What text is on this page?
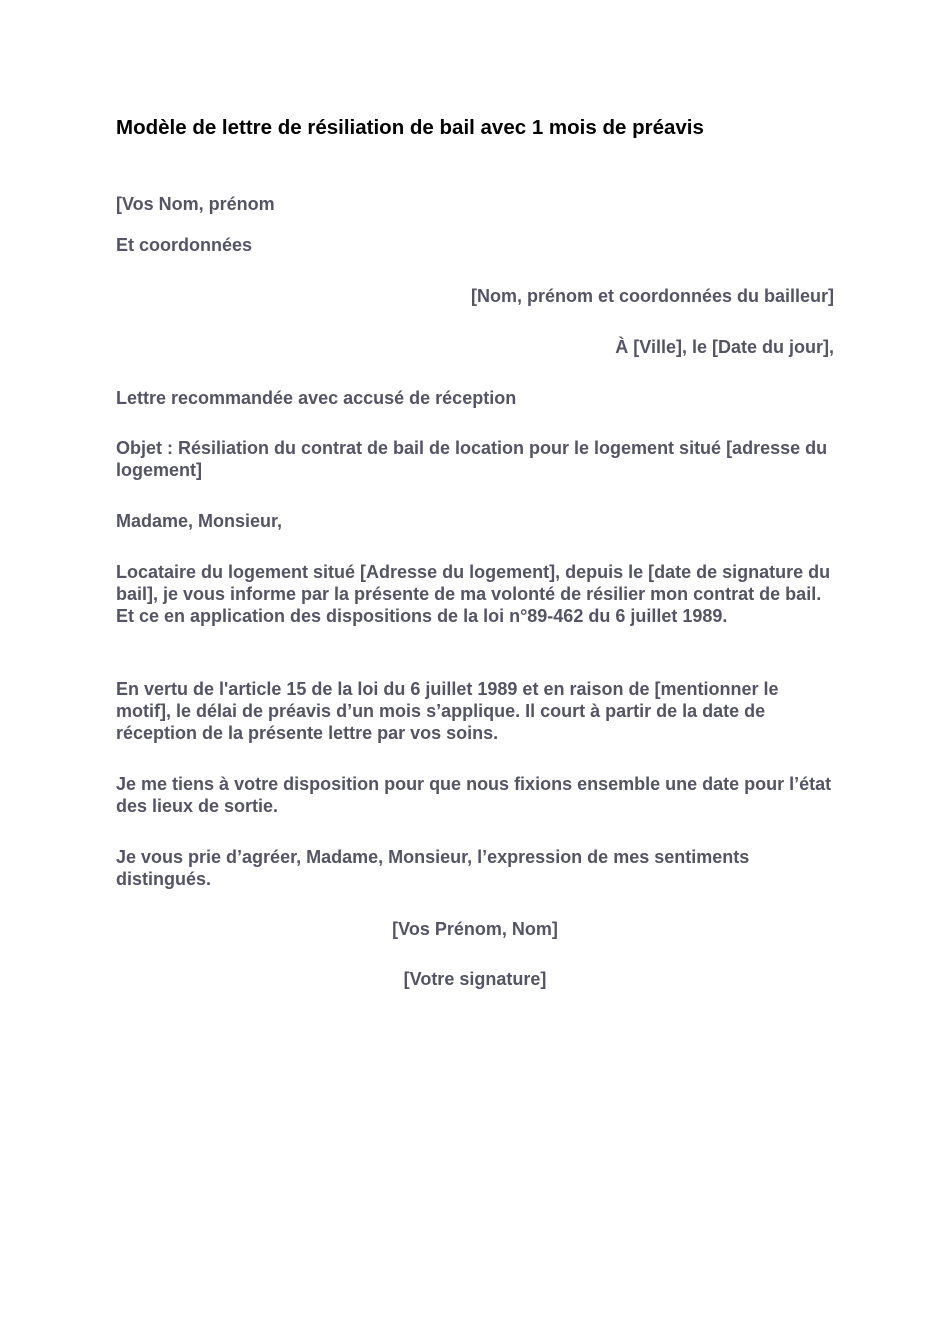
Modèle de lettre de résiliation de bail avec 1 mois de préavis

[Vos Nom, prénom

Et coordonnées

[Nom, prénom et coordonnées du bailleur]

À [Ville], le [Date du jour],

Lettre recommandée avec accusé de réception

Objet : Résiliation du contrat de bail de location pour le logement situé [adresse du logement]

Madame, Monsieur,

Locataire du logement situé [Adresse du logement], depuis le [date de signature du bail], je vous informe par la présente de ma volonté de résilier mon contrat de bail. Et ce en application des dispositions de la loi n°89-462 du 6 juillet 1989.

En vertu de l'article 15 de la loi du 6 juillet 1989 et en raison de [mentionner le motif], le délai de préavis d’un mois s’applique. Il court à partir de la date de réception de la présente lettre par vos soins.

Je me tiens à votre disposition pour que nous fixions ensemble une date pour l’état des lieux de sortie.

Je vous prie d’agréer, Madame, Monsieur, l’expression de mes sentiments distingués.

[Vos Prénom, Nom]

[Votre signature]
